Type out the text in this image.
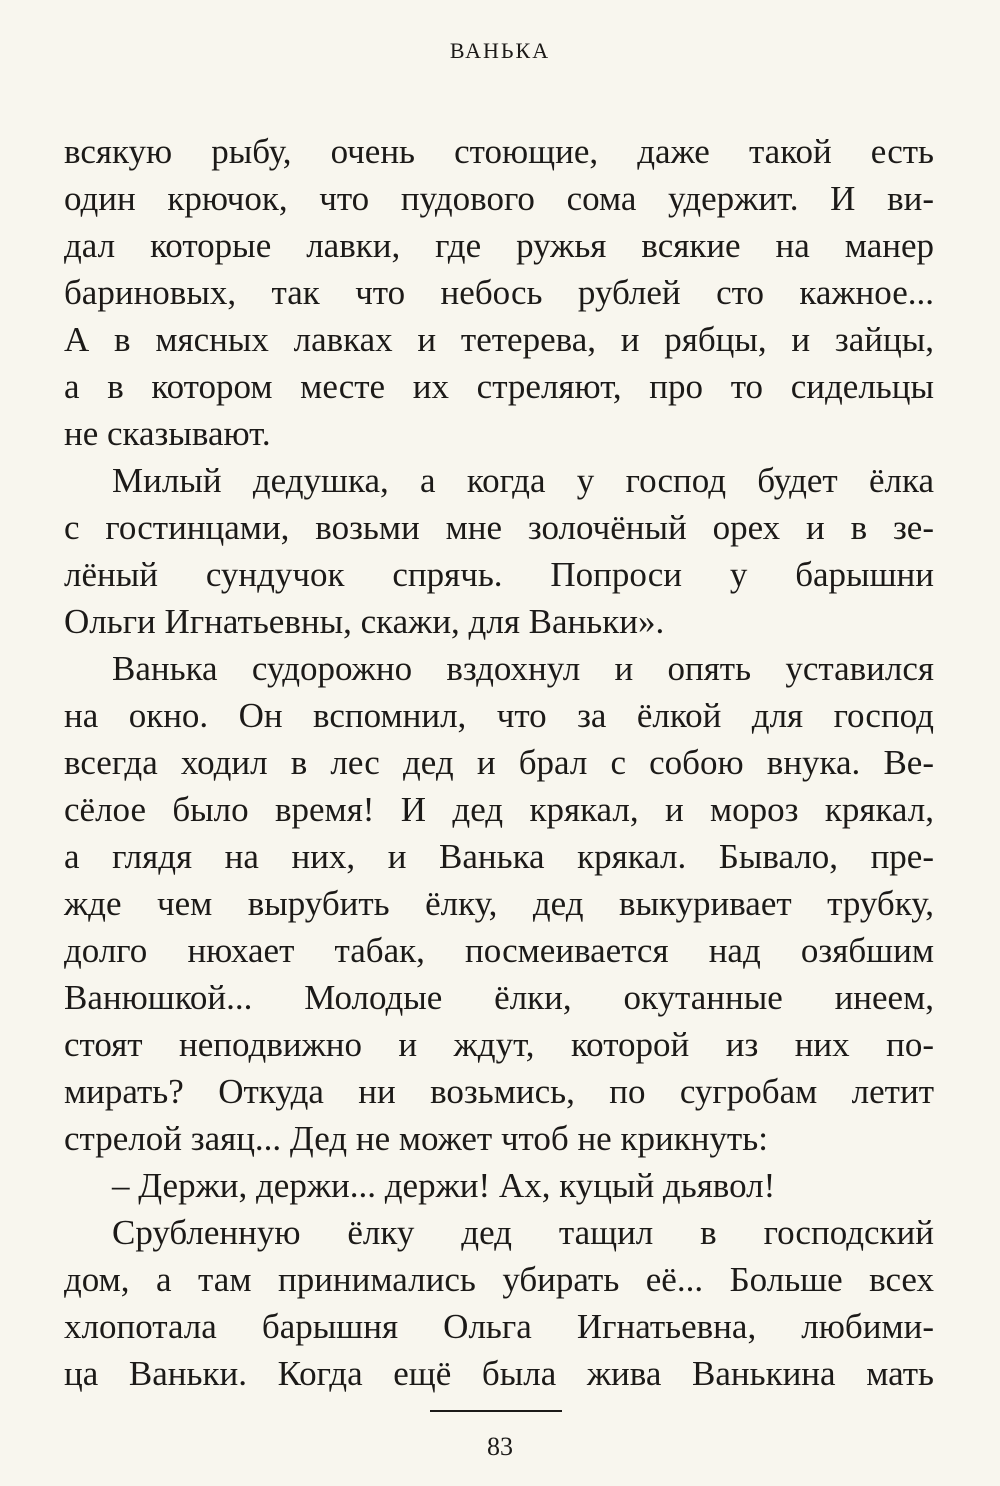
ВАНЬКА
всякую рыбу, очень стоющие, даже такой есть
один крючок, что пудового сома удержит. И ви-
дал которые лавки, где ружья всякие на манер
бариновых, так что небось рублей сто кажное...
А в мясных лавках и тетерева, и рябцы, и зайцы,
а в котором месте их стреляют, про то сидельцы
не сказывают.
Милый дедушка, а когда у господ будет ёлка
с гостинцами, возьми мне золочёный орех и в зе-
лёный сундучок спрячь. Попроси у барышни
Ольги Игнатьевны, скажи, для Ваньки».
Ванька судорожно вздохнул и опять уставился
на окно. Он вспомнил, что за ёлкой для господ
всегда ходил в лес дед и брал с собою внука. Ве-
сёлое было время! И дед крякал, и мороз крякал,
а глядя на них, и Ванька крякал. Бывало, пре-
жде чем вырубить ёлку, дед выкуривает трубку,
долго нюхает табак, посмеивается над озябшим
Ванюшкой... Молодые ёлки, окутанные инеем,
стоят неподвижно и ждут, которой из них по-
мирать? Откуда ни возьмись, по сугробам летит
стрелой заяц... Дед не может чтоб не крикнуть:
– Держи, держи... держи! Ах, куцый дьявол!
Срубленную ёлку дед тащил в господский
дом, а там принимались убирать её... Больше всех
хлопотала барышня Ольга Игнатьевна, любими-
ца Ваньки. Когда ещё была жива Ванькина мать
83
